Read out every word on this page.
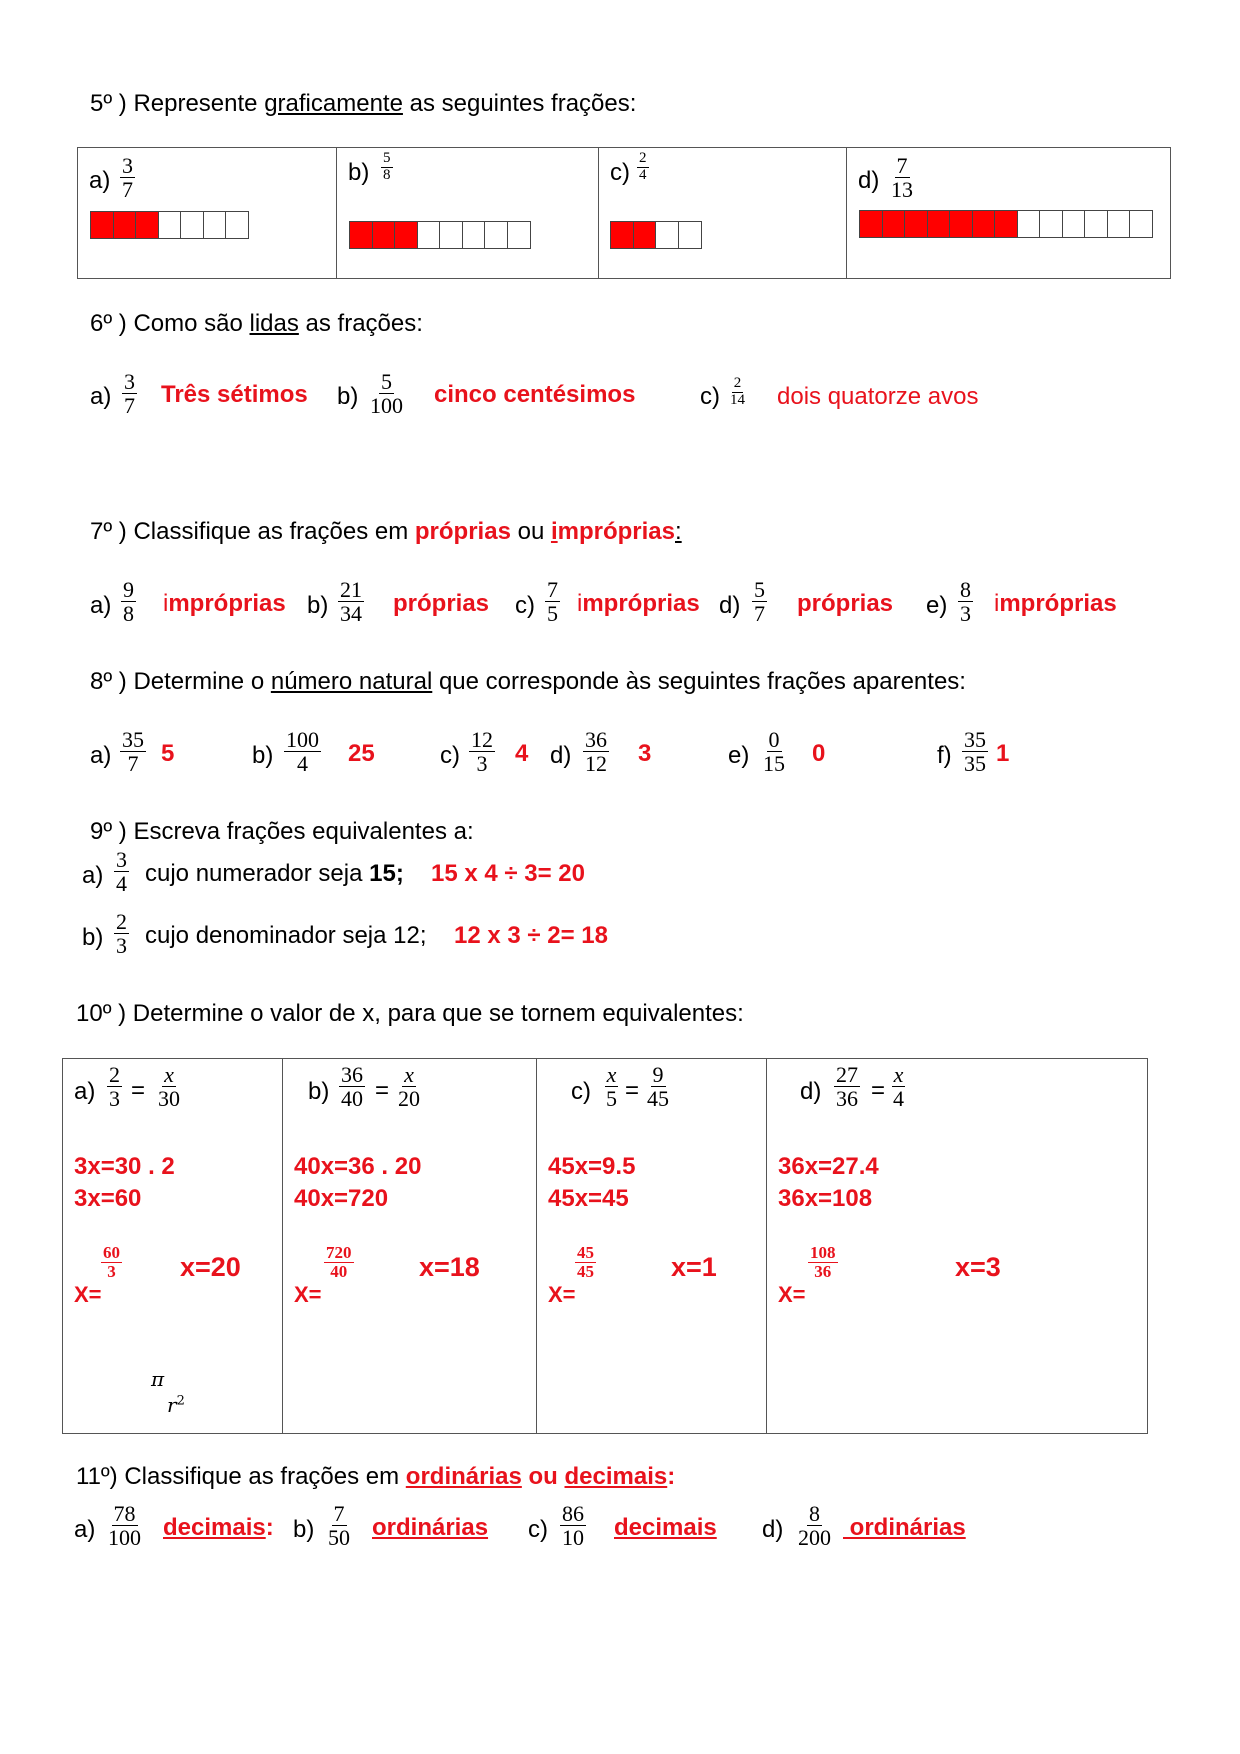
5º ) Represente graficamente as seguintes frações:
$a) \frac{3}{7}$	$b) \frac{5}{8}$	$c) \frac{2}{4}$	$d) \frac{7}{13}$
6º ) Como são lidas as frações:
$a) \frac{3}{7}$ Três sétimos $b) \frac{5}{100}$ cinco centésimos	$c) \frac{2}{14}$ dois quatorze avos
7º ) Classifique as frações em próprias ou impróprias:
$a) \frac{9}{8}$ impróprias $b) \frac{21}{34}$ próprias $c) \frac{7}{5}$ impróprias $d) \frac{5}{7}$ próprias $e) \frac{8}{3}$ impróprias
8º ) Determine o número natural que corresponde às seguintes frações aparentes:
$a) \frac{35}{7} 5$	$b) \frac{100}{4} 25$	$c) \frac{12}{3} 4$ $d) \frac{36}{12} 3$	$e) \frac{0}{15} 0$	$f) \frac{35}{35} 1$
9º ) Escreva frações equivalentes a:
$a) \frac{3}{4}$ cujo numerador seja 15; 15 x 4 ÷ 3= 20
$b) \frac{2}{3}$ cujo denominador seja 12; 12 x 3 ÷ 2= 18
10º ) Determine o valor de x, para que se tornem equivalentes:
$a) \frac{2}{3} = \frac{x}{30}$
3x=30 . 2
3x=60
X=
$\frac{60}{3} x=20$
π
$r^2$

$b) \frac{36}{40} = \frac{x}{20}$
40x=36 . 20
40x=720
X=
$\frac{720}{40} x=18$

$c) \frac{x}{5} = \frac{9}{45}$
45x=9.5
45x=45
X=
$\frac{45}{45}$	x=1

$d) \frac{27}{36} = \frac{x}{4}$
36x=27.4
36x=108
X=
$\frac{108}{36}$	x=3
11º) Classifique as frações em ordinárias ou decimais:
$a) \frac{78}{100}$ decimais: $b) \frac{7}{50}$ ordinárias $c) \frac{86}{10}$ decimais $d) \frac{8}{200}$ ordinárias
